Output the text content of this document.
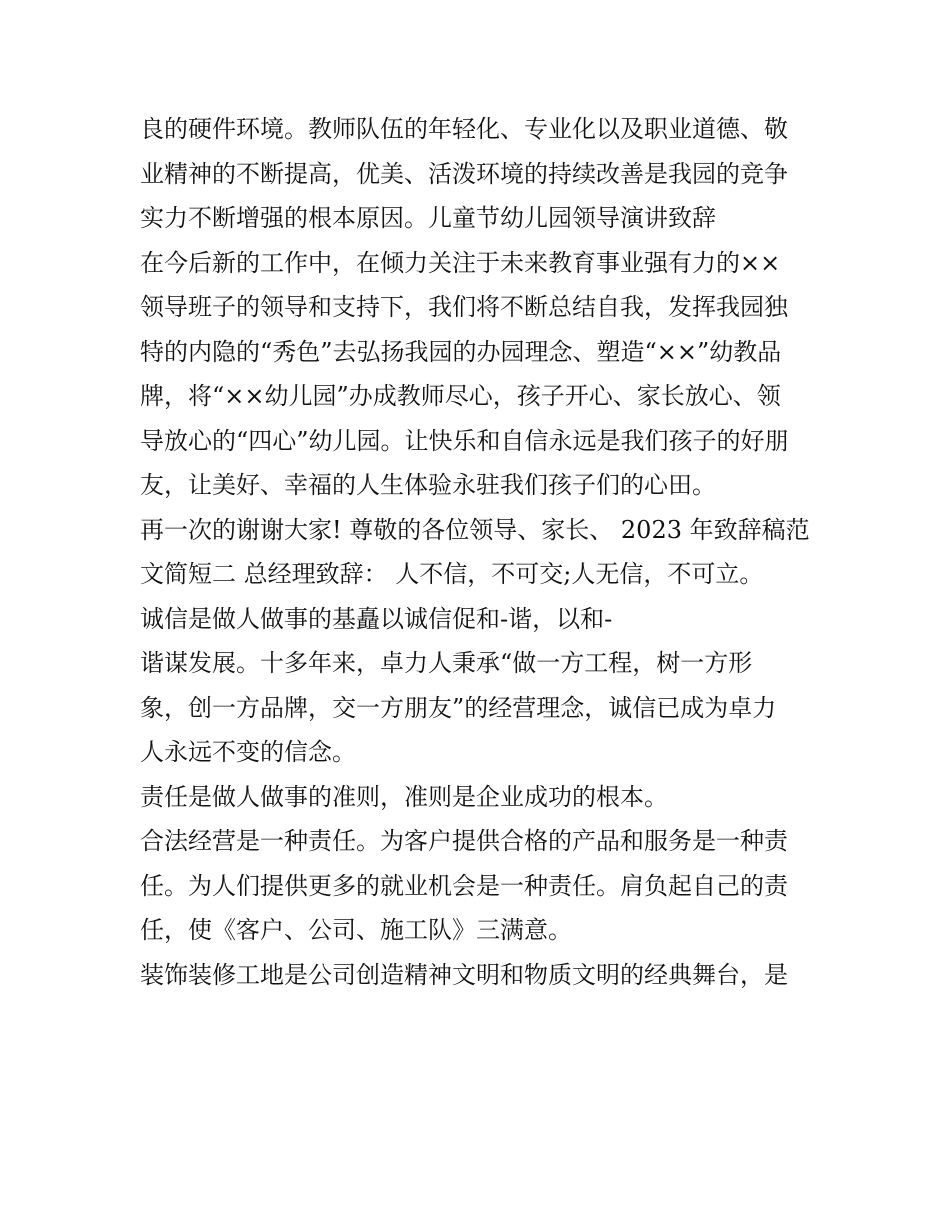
良的硬件环境。教师队伍的年轻化、专业化以及职业道德、敬
业精神的不断提高，优美、活泼环境的持续改善是我园的竞争
实力不断增强的根本原因。儿童节幼儿园领导演讲致辞
在今后新的工作中，在倾力关注于未来教育事业强有力的××
领导班子的领导和支持下，我们将不断总结自我，发挥我园独
特的内隐的“秀色”去弘扬我园的办园理念、塑造“××”幼教品
牌，将“××幼儿园”办成教师尽心，孩子开心、家长放心、领
导放心的“四心”幼儿园。让快乐和自信永远是我们孩子的好朋
友，让美好、幸福的人生体验永驻我们孩子们的心田。
再一次的谢谢大家! 尊敬的各位领导、家长、 2023 年致辞稿范
文简短二 总经理致辞： 人不信，不可交;人无信，不可立。
诚信是做人做事的基矗以诚信促和-谐，以和-
谐谋发展。十多年来，卓力人秉承“做一方工程，树一方形
象，创一方品牌，交一方朋友”的经营理念，诚信已成为卓力
人永远不变的信念。
责任是做人做事的准则，准则是企业成功的根本。
合法经营是一种责任。为客户提供合格的产品和服务是一种责
任。为人们提供更多的就业机会是一种责任。肩负起自己的责
任，使《客户、公司、施工队》三满意。
装饰装修工地是公司创造精神文明和物质文明的经典舞台，是
